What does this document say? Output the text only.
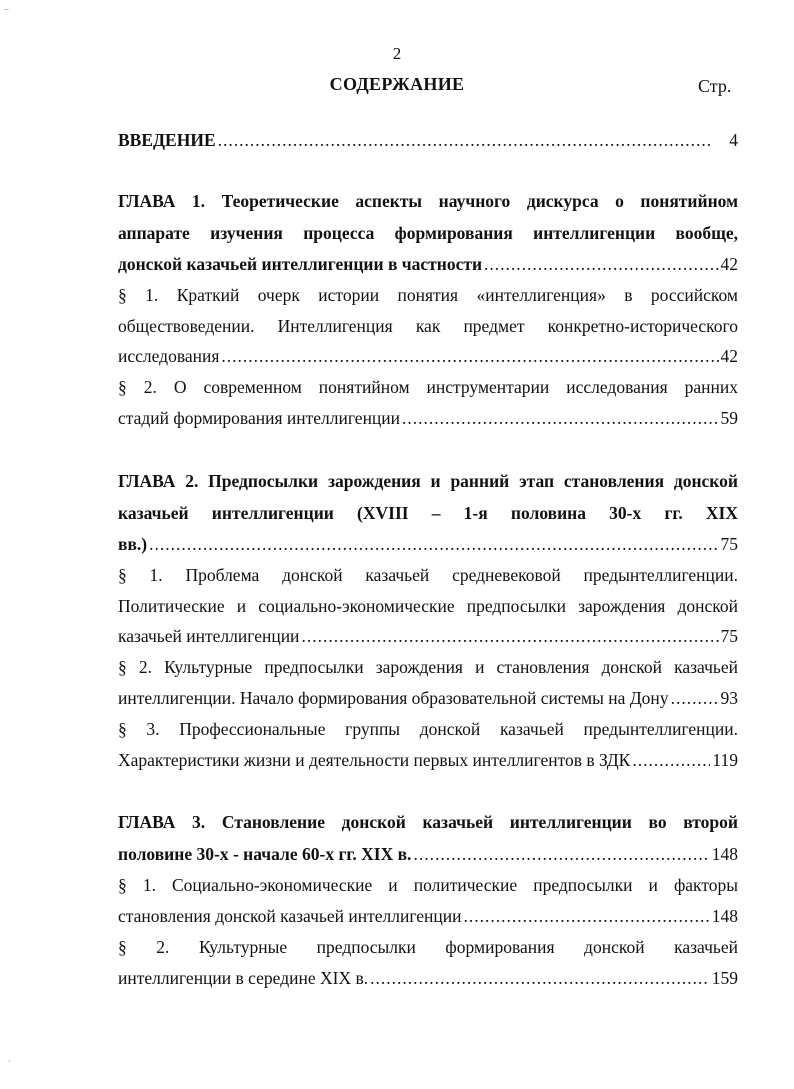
–
ˎ
2
СОДЕРЖАНИЕ	Стр.
ВВЕДЕНИЕ .....	4
ГЛАВА 1. Теоретические аспекты научного дискурса о понятийном
аппарате изучения процесса формирования интеллигенции вообще,
донской казачьей интеллигенции в частности .....	42
§ 1. Краткий очерк истории понятия «интеллигенция» в российском
обществоведении. Интеллигенция как предмет конкретно-исторического
исследования .....	42
§ 2. О современном понятийном инструментарии исследования ранних
стадий формирования интеллигенции .....	59
ГЛАВА 2. Предпосылки зарождения и ранний этап становления донской
казачьей интеллигенции (XVIII – 1-я половина 30-х гг. XIX
вв.) .....	75
§ 1. Проблема донской казачьей средневековой предынтеллигенции.
Политические и социально-экономические предпосылки зарождения донской
казачьей интеллигенции .....	75
§ 2. Культурные предпосылки зарождения и становления донской казачьей
интеллигенции. Начало формирования образовательной системы на Дону .....	93
§ 3. Профессиональные группы донской казачьей предынтеллигенции.
Характеристики жизни и деятельности первых интеллигентов в ЗДК .....	119
ГЛАВА 3. Становление донской казачьей интеллигенции во второй
половине 30-х - начале 60-х гг. XIX в. .....	148
§ 1. Социально-экономические и политические предпосылки и факторы
становления донской казачьей интеллигенции .....	148
§ 2. Культурные предпосылки формирования донской казачьей
интеллигенции в середине XIX в. .....	159
